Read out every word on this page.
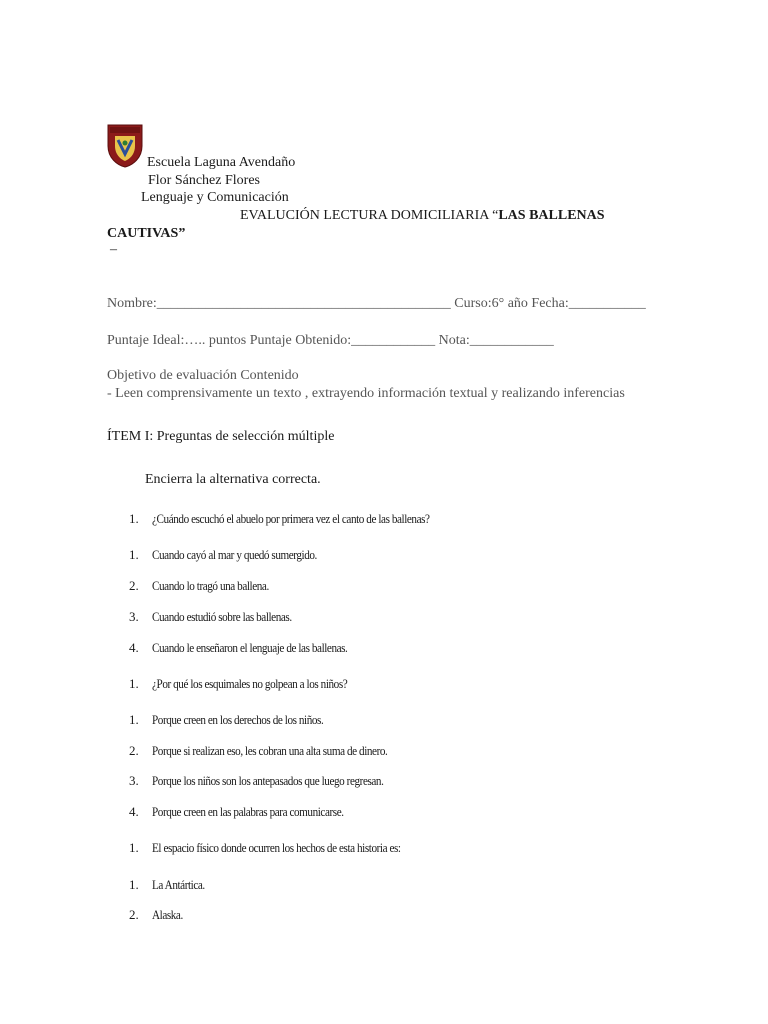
Escuela Laguna Avendaño
Flor Sánchez Flores
Lenguaje y Comunicación
EVALUCIÓN LECTURA DOMICILIARIA “LAS BALLENAS
CAUTIVAS”
–
Nombre:__________________________________________ Curso:6° año Fecha:___________
Puntaje Ideal:….. puntos Puntaje Obtenido:____________ Nota:____________
Objetivo de evaluación Contenido
- Leen comprensivamente un texto , extrayendo información textual y realizando inferencias
ÍTEM I: Preguntas de selección múltiple
Encierra la alternativa correcta.
1. ¿Cuándo escuchó el abuelo por primera vez el canto de las ballenas?
1. Cuando cayó al mar y quedó sumergido.
2. Cuando lo tragó una ballena.
3. Cuando estudió sobre las ballenas.
4. Cuando le enseñaron el lenguaje de las ballenas.
1. ¿Por qué los esquimales no golpean a los niños?
1. Porque creen en los derechos de los niños.
2. Porque si realizan eso, les cobran una alta suma de dinero.
3. Porque los niños son los antepasados que luego regresan.
4. Porque creen en las palabras para comunicarse.
1. El espacio físico donde ocurren los hechos de esta historia es:
1. La Antártica.
2. Alaska.
